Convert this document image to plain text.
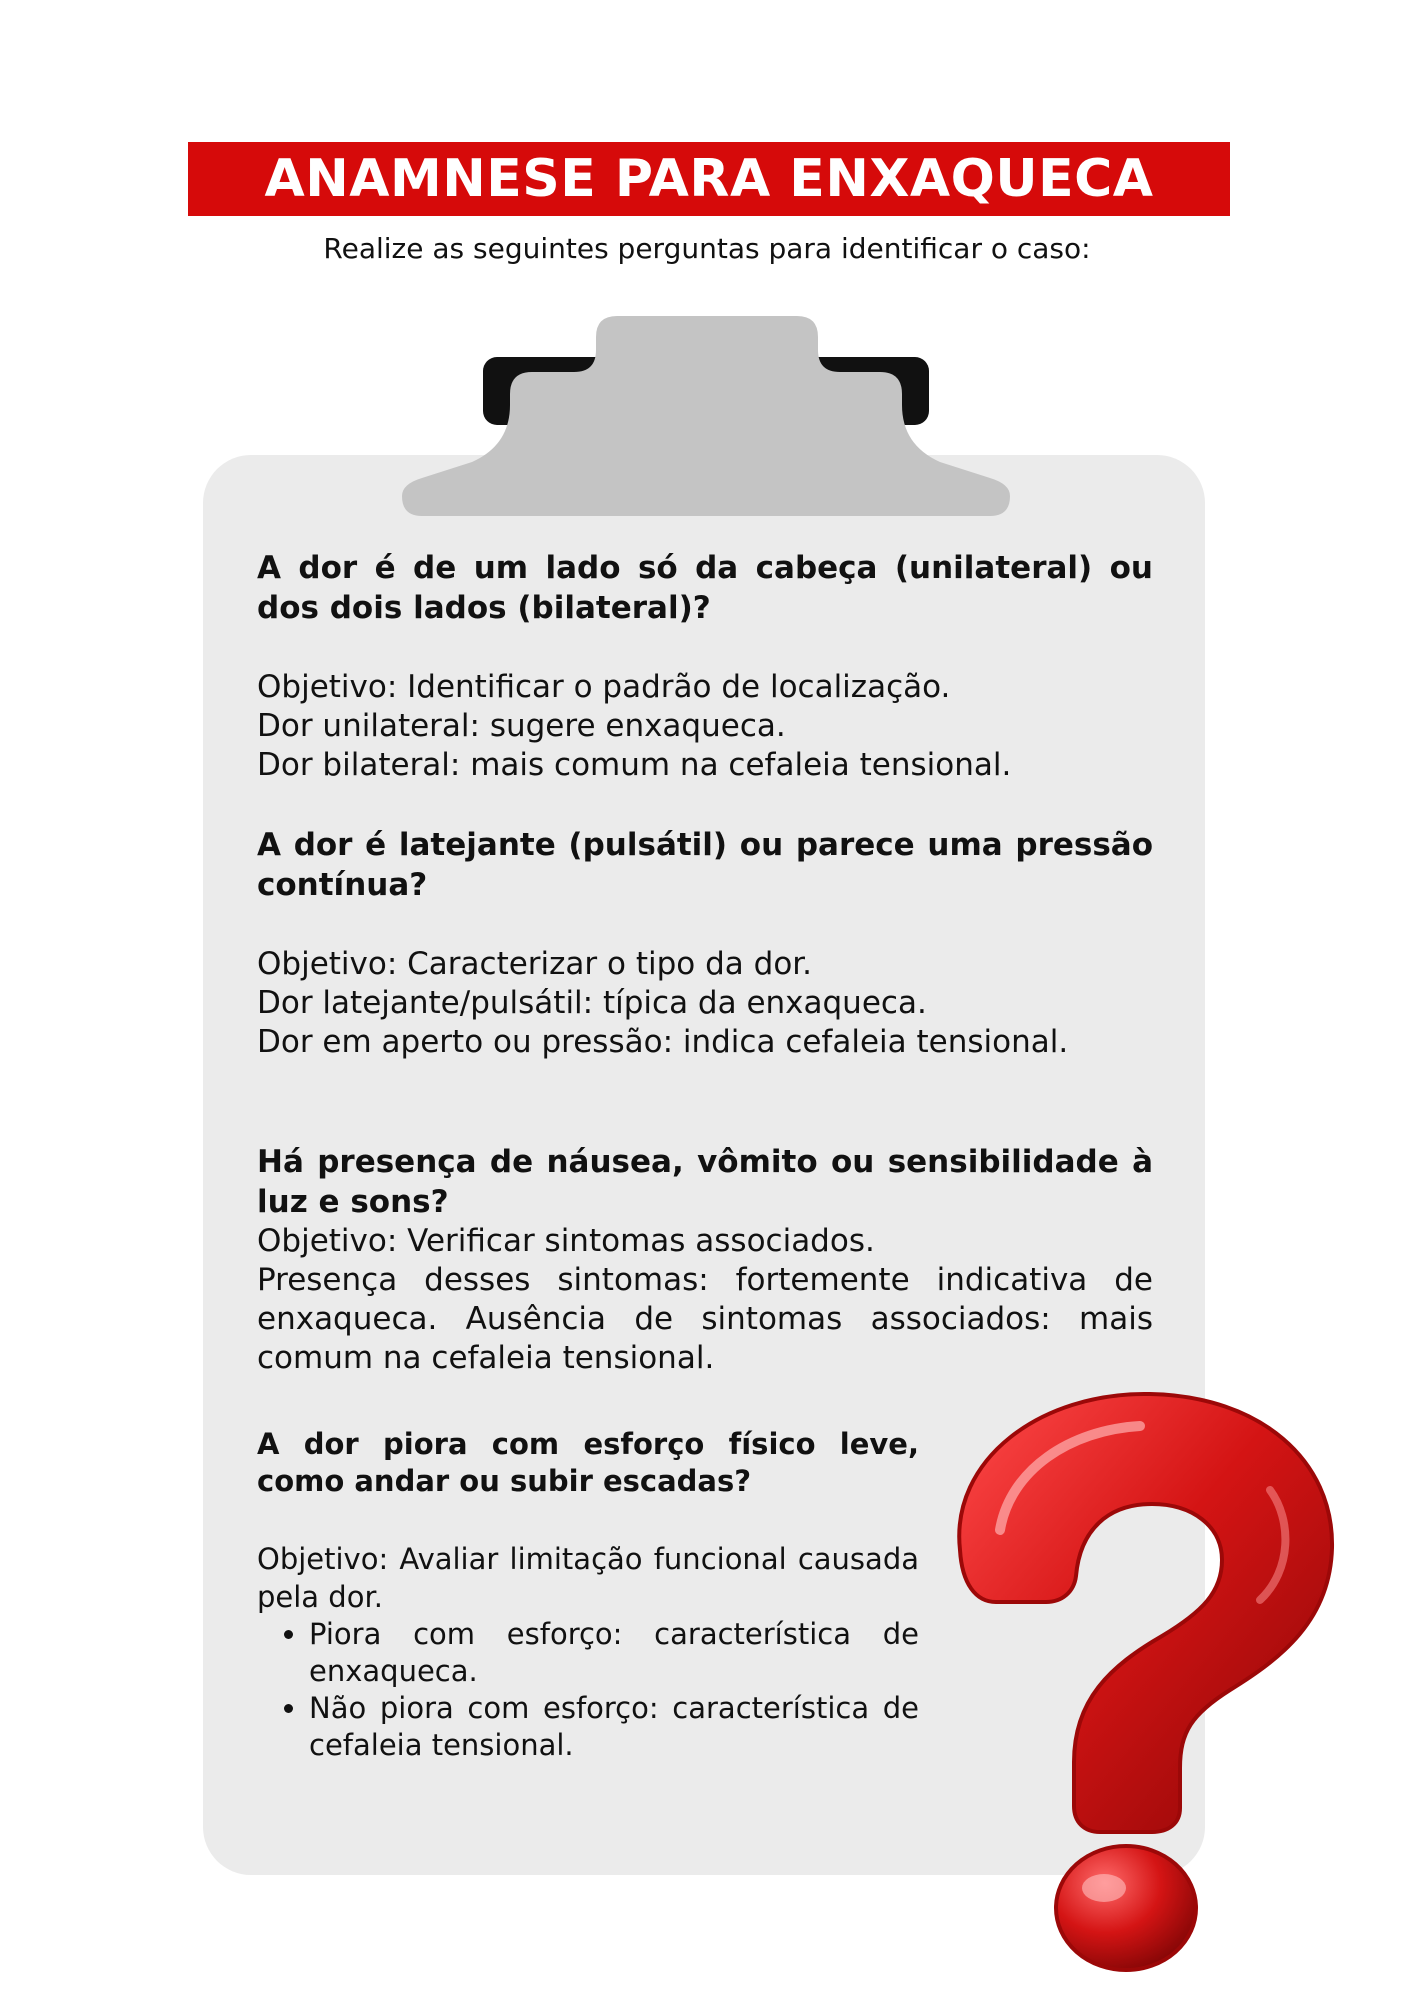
ANAMNESE PARA ENXAQUECA
Realize as seguintes perguntas para identificar o caso:

A dor é de um lado só da cabeça (unilateral) ou dos dois lados (bilateral)?

Objetivo: Identificar o padrão de localização.

Dor unilateral: sugere enxaqueca.

Dor bilateral: mais comum na cefaleia tensional.

A dor é latejante (pulsátil) ou parece uma pressão contínua?

Objetivo: Caracterizar o tipo da dor.

Dor latejante/pulsátil: típica da enxaqueca.

Dor em aperto ou pressão: indica cefaleia tensional.

Há presença de náusea, vômito ou sensibilidade à luz e sons?

Objetivo: Verificar sintomas associados.

Presença desses sintomas: fortemente indicativa de enxaqueca. Ausência de sintomas associados: mais comum na cefaleia tensional.

A dor piora com esforço físico leve, como andar ou subir escadas?

Objetivo: Avaliar limitação funcional causada pela dor.

• Piora com esforço: característica de enxaqueca.
• Não piora com esforço: característica de cefaleia tensional.
